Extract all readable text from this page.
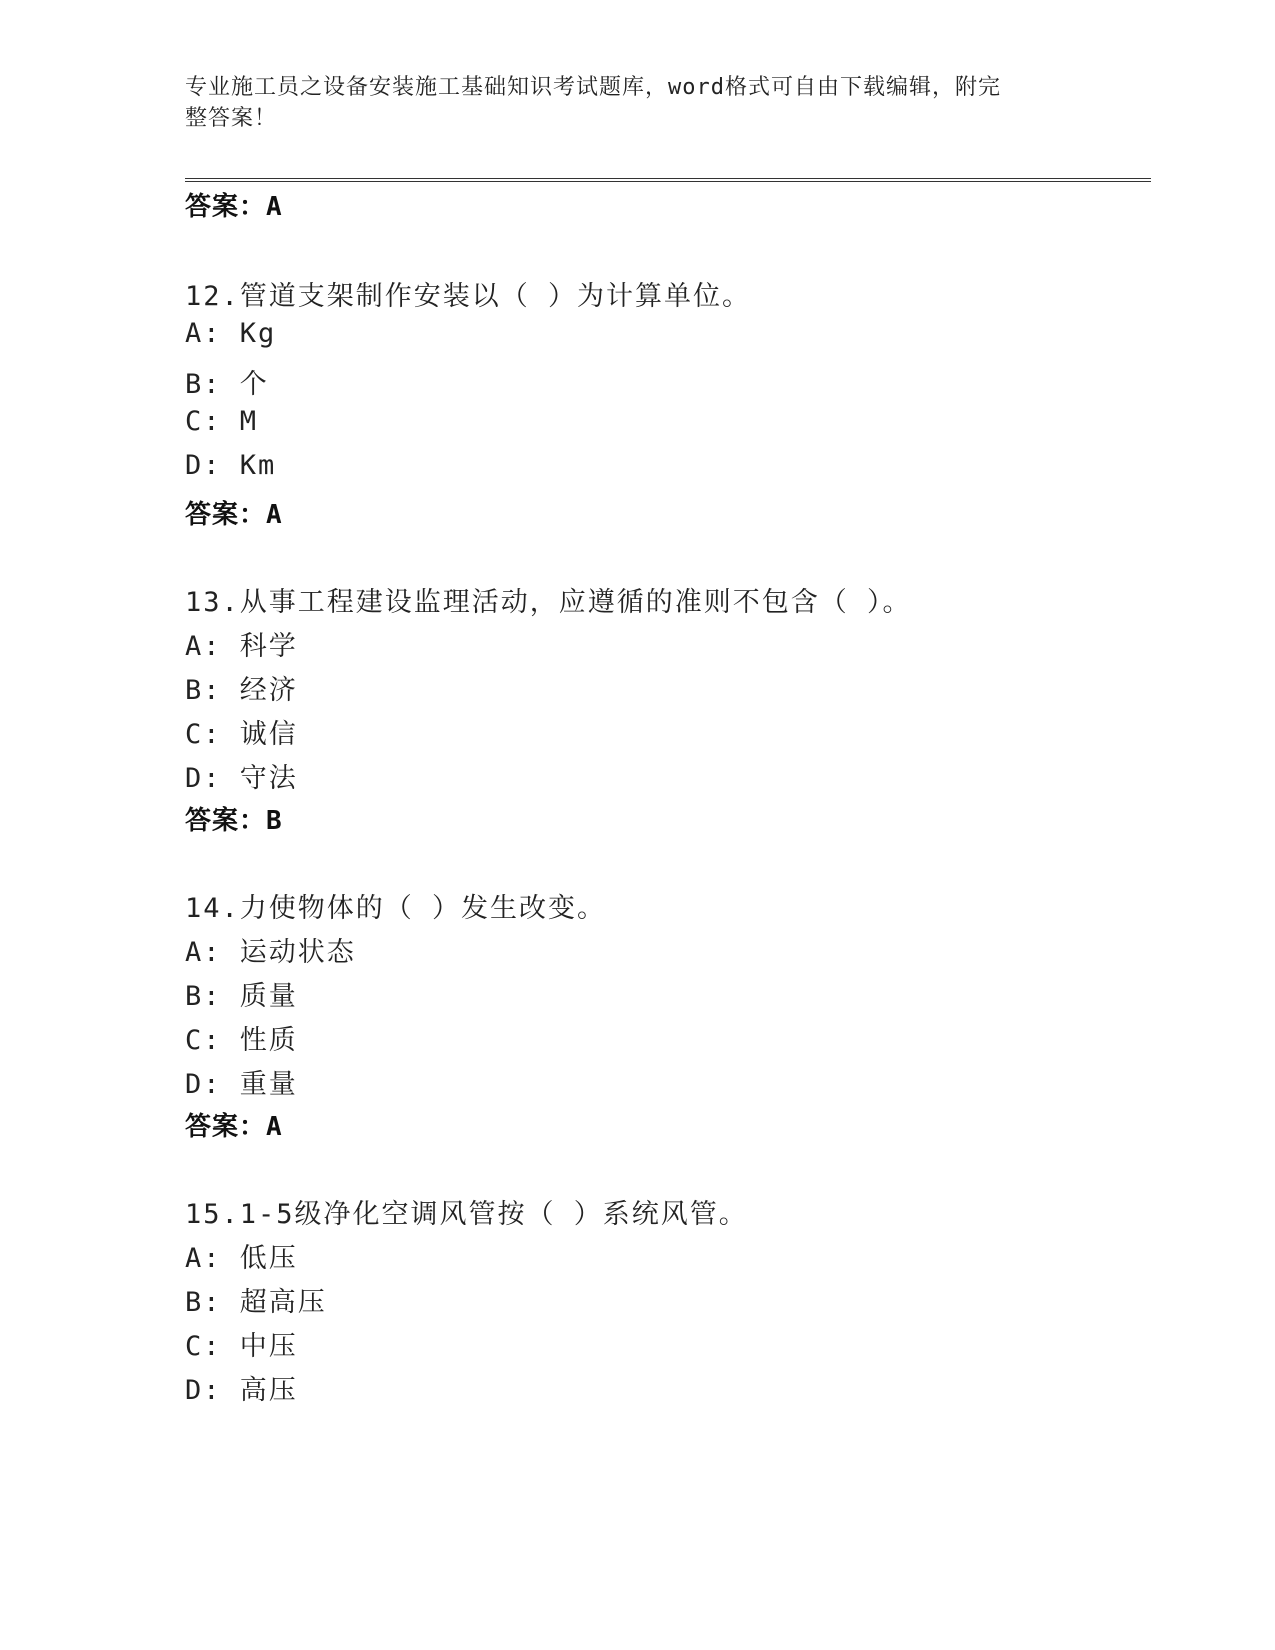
专业施工员之设备安装施工基础知识考试题库，word格式可自由下载编辑，附完
整答案！
答案：A
12.管道支架制作安装以（ ）为计算单位。
A: Kg
B: 个
C: M
D: Km
答案：A
13.从事工程建设监理活动，应遵循的准则不包含（ ）。
A: 科学
B: 经济
C: 诚信
D: 守法
答案：B
14.力使物体的（ ）发生改变。
A: 运动状态
B: 质量
C: 性质
D: 重量
答案：A
15.1-5级净化空调风管按（ ）系统风管。
A: 低压
B: 超高压
C: 中压
D: 高压
